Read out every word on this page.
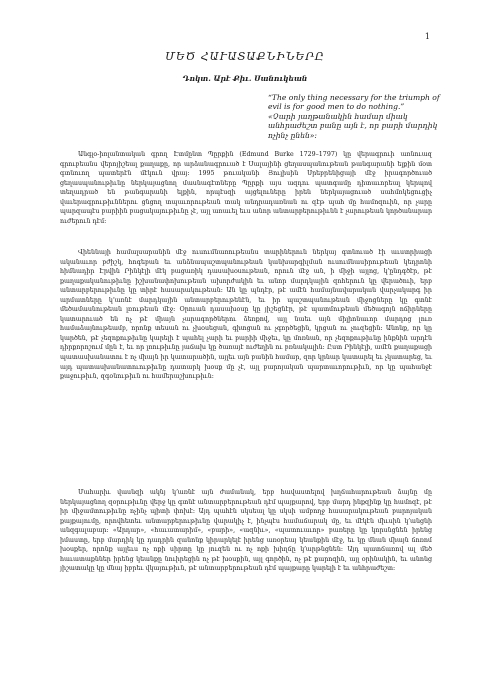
1
ՄԵԾ ՀԱՒԱՏԱՔՆԻՆԵՐԸ
Դոկտ. Արէ Քիւ. Սանուկեան
“The only thing necessary for the triumph of evil is for good men to do nothing.”
«Չարի յաղթանակին համար միակ անհրաժեշտ բանը այն է, որ բարի մարդիկ ոչինչ ընեն»:

Անգլօ-իռլանտական գրող Էտմընտ Պըրքին (Edmund Burke 1729–1797) կը վերագրուի առնուազ գրուբեանս վերոյիշեալ քաղաքը, որ արձանագրուած է Սալայինի ցեղասպանութեան թանգարանի ելքին մօտ գտնուող պատերէն մէկուն վրայ: 1995 թուականի Յուլիսին Սրեբրենիցայի մէջ իրագործուած ցեղասպանութիւնը ներկայացնող մասնագէտները Պըրքի այս ազդու պատգամը դիտաւորեալ կերպով տեղադրած են թանգարանի ելքին, որպէսզի այցելուները իրեն ներկայացուած սահմռկեցուցիչ վաւերագրութիւններու ցնցող տպաւորութեան տակ անդրադառնան ու զէթ պահ մը համոզուին, որ չարը պարզապէս բարիին բացակայութիւնը չէ, այլ առաւել եւս անոր անտարբերութիւնն է չարութեան կործանարար ուժերուն դէմ:

Վիեննայի համալսարանին մէջ ուսումնառութեանս տարիներուն ներկայ գտնուած էի աւստրիացի ականաւոր բժիշկ, հոգեբան եւ անձնապաշտպանութեան կանխարգիլման ուսումնասիրութեան կեդրոնի հիմնադիր Էրվին Րինկէլի մէկ բացառիկ դասախօսութեան, որուն մէջ ան, ի միջի այլոց, կ՚ընդգծէր, թէ քաղաքականութիւնը իշխանափոխութեան ախորժակին եւ անոր մարդկային զոհերուն կը վերածուի, երբ անտարբերութիւնը կը տիրէ հասարակութեան: Ան կը պնդէր, թէ ամէն համայնավարական վարչակարգ իր արմատները կ՚առնէ մարդկային անտարբերութենէն, եւ իր պաշտպանութեան միջոցները կը գտնէ մեծամասնութեան լռութեան մէջ: Օրուան դասախօսը կը յիշեցնէր, թէ պատմութեան մեծագոյն ոճիրները կատարուած են ոչ թէ միայն չարագործներու ձեռքով, այլ նաեւ այն միլիոնաւոր մարդոց լուռ համաձայնութեամբ, որոնք տեսան ու չխօսեցան, գիտցան ու չգործեցին, կրցան ու չուզեցին: Անոնք, որ կը կարծեն, թէ չեզոքութիւնը կարելի է պահել չարի եւ բարիի միջեւ, կը մոռնան, որ չեզոքութիւնը ինքնին արդէն դիրքորոշում մըն է, եւ որ լռութիւնը յաճախ կը ծառայէ ուժեղին ու բռնակալին: Ըստ Րինկէլի, ամէն քաղաքացի պատասխանատու է ոչ միայն իր կատարածին, այլեւ այն բանին համար, զոր կրնար կատարել եւ չկատարեց, եւ այդ պատասխանատուութիւնը դատարկ խօսք մը չէ, այլ բարոյական պարտաւորութիւն, որ կը պահանջէ քաջութիւն, զգօնութիւն ու համերաշխութիւն:

Մահարիւ վասնզի ակնյ կ՚առնէ այն ժամանակ, երբ հավաստելով խղճահարութեան ձայնը մը ներկայացնող զօրութիւնը վերջ կը գտնէ անտարբերութեան դէմ պայքարով, երբ մարդ ինքզինք կը համոզէ, թէ իր միջամտութիւնը ոչինչ պիտի փոխէ: Այդ պահէն սկսեալ կը սկսի ամբողջ հասարակութեան բարոյական քայքայումը, որովհետեւ անտարբերութիւնը վարակիչ է, ինչպէս համաճարակ մը, եւ մէկէն միւսին կ՚անցնի անզգալաբար: «Արդար», «հաւատարիմ», «բարի», «ազնիւ», «պատուաւոր» բառերը կը կորսնցնեն իրենց իմաստը, երբ մարդիկ կը դադրին զանոնք կիրարկելէ իրենց առօրեայ կեանքին մէջ, եւ կը մնան միայն ճոռոմ խօսքեր, որոնք այլեւս ոչ ոքի սիրտը կը յուզեն ու ոչ ոքի խիղճը կ՚արթնցնեն: Այդ պատճառով ալ մեծ հաւատաքններ իրենց կեանքը նուիրեցին ոչ թէ խօսքին, այլ գործին, ոչ թէ քարոզին, այլ օրինակին, եւ անոնց յիշատակը կը մնայ իբրեւ վկայութիւն, թէ անտարբերութեան դէմ պայքարը կարելի է եւ անհրաժեշտ:
